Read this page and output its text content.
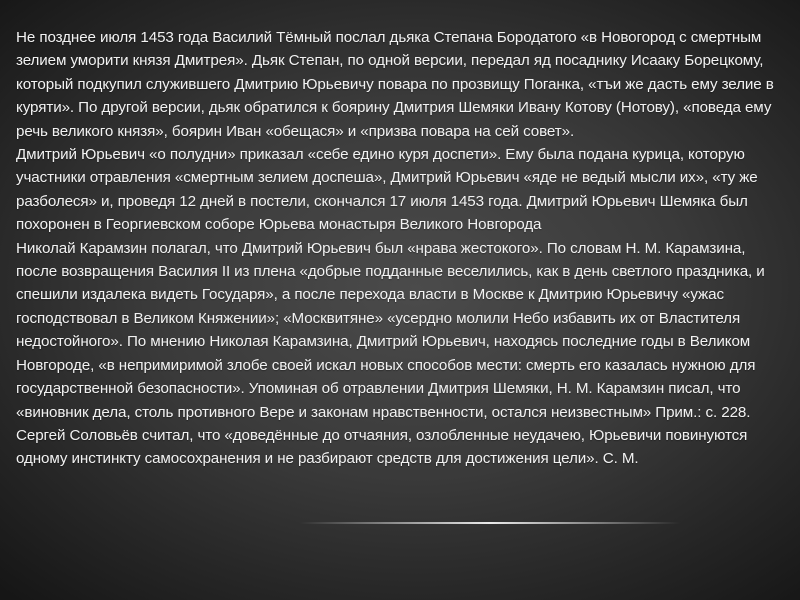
Не позднее июля 1453 года Василий Тёмный послал дьяка Степана Бородатого «в Новогород с смертным зелием уморити князя Дмитрея». Дьяк Степан, по одной версии, передал яд посаднику Исааку Борецкому, который подкупил служившего Дмитрию Юрьевичу повара по прозвищу Поганка, «тъи же дасть ему зелие в куряти». По другой версии, дьяк обратился к боярину Дмитрия Шемяки Ивану Котову (Нотову), «поведа ему речь великого князя», боярин Иван «обещася» и «призва повара на сей совет».

Дмитрий Юрьевич «о полудни» приказал «себе едино куря доспети». Ему была подана курица, которую участники отравления «смертным зелием доспеша», Дмитрий Юрьевич «яде не ведый мысли их», «ту же разболеся» и, проведя 12 дней в постели, скончался 17 июля 1453 года. Дмитрий Юрьевич Шемяка был похоронен в Георгиевском соборе Юрьева монастыря Великого Новгорода

Николай Карамзин полагал, что Дмитрий Юрьевич был «нрава жестокого». По словам Н. М. Карамзина, после возвращения Василия II из плена «добрые подданные веселились, как в день светлого праздника, и спешили издалека видеть Государя», а после перехода власти в Москве к Дмитрию Юрьевичу «ужас господствовал в Великом Княжении»; «Москвитяне» «усердно молили Небо избавить их от Властителя недостойного». По мнению Николая Карамзина, Дмитрий Юрьевич, находясь последние годы в Великом Новгороде, «в непримиримой злобе своей искал новых способов мести: смерть его казалась нужною для государственной безопасности». Упоминая об отравлении Дмитрия Шемяки, Н. М. Карамзин писал, что «виновник дела, столь противного Вере и законам нравственности, остался неизвестным» Прим.: с. 228. Сергей Соловьёв считал, что «доведённые до отчаяния, озлобленные неудачею, Юрьевичи повинуются одному инстинкту самосохранения и не разбирают средств для достижения цели». С. М.
